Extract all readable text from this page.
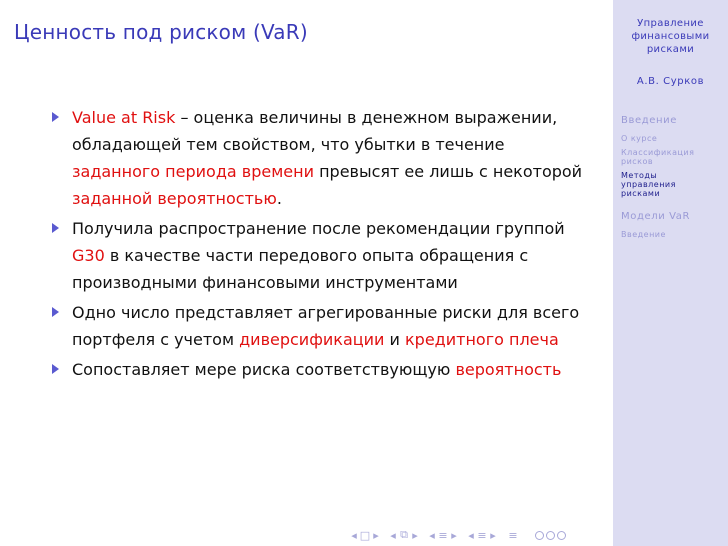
Ценность под риском (VaR)
Value at Risk – оценка величины в денежном выражении, обладающей тем свойством, что убытки в течение заданного периода времени превысят ее лишь с некоторой заданной вероятностью.
Получила распространение после рекомендации группой G30 в качестве части передового опыта обращения с производными финансовыми инструментами
Одно число представляет агрегированные риски для всего портфеля с учетом диверсификации и кредитного плеча
Сопоставляет мере риска соответствующую вероятность
Управление
финансовыми
рисками
А.В. Сурков
Введение
О курсе
Классификация
рисков
Методы
управления
рисками
Модели VaR
Введение
◂ □ ▸ ◂ ⧉ ▸ ◂ ≡ ▸ ◂ ≡ ▸ ≡
